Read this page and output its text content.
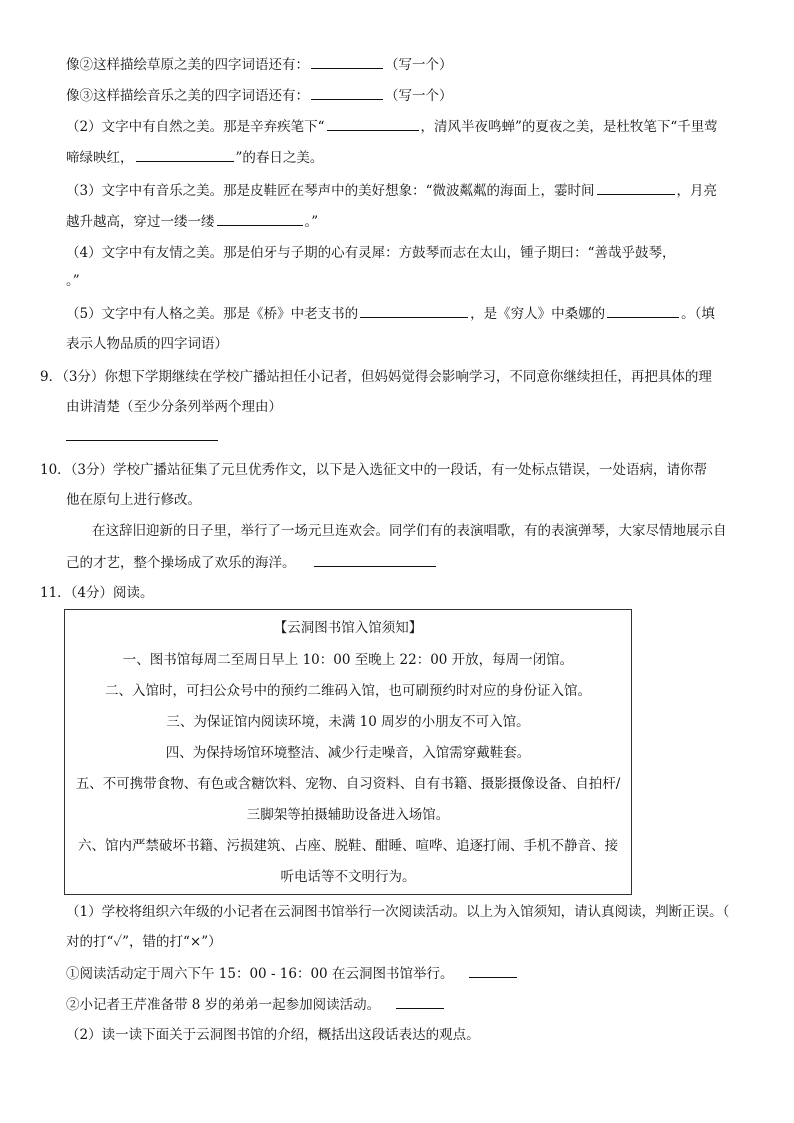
像②这样描绘草原之美的四字词语还有：	（写一个）
像③这样描绘音乐之美的四字词语还有：	（写一个）
（2）文字中有自然之美。那是辛弃疾笔下“	，清风半夜鸣蝉”的夏夜之美，是杜牧笔下“千里莺
啼绿映红，	”的春日之美。
（3）文字中有音乐之美。那是皮鞋匠在琴声中的美好想象：“微波粼粼的海面上，霎时间	，月亮
越升越高，穿过一缕一缕	。”
（4）文字中有友情之美。那是伯牙与子期的心有灵犀：方鼓琴而志在太山，锺子期曰：“善哉乎鼓琴，
。”
（5）文字中有人格之美。那是《桥》中老支书的	，是《穷人》中桑娜的	。（填
表示人物品质的四字词语）
9．（3分）你想下学期继续在学校广播站担任小记者，但妈妈觉得会影响学习，不同意你继续担任，再把具体的理
由讲清楚（至少分条列举两个理由）
10．（3分）学校广播站征集了元旦优秀作文，以下是入选征文中的一段话，有一处标点错误，一处语病，请你帮
他在原句上进行修改。
在这辞旧迎新的日子里，举行了一场元旦连欢会。同学们有的表演唱歌，有的表演弹琴，大家尽情地展示自
己的才艺，整个操场成了欢乐的海洋。
11．（4分）阅读。
【云洞图书馆入馆须知】
一、图书馆每周二至周日早上 10：00 至晚上 22：00 开放，每周一闭馆。
二、入馆时，可扫公众号中的预约二维码入馆，也可刷预约时对应的身份证入馆。
三、为保证馆内阅读环境，未满 10 周岁的小朋友不可入馆。
四、为保持场馆环境整洁、减少行走噪音，入馆需穿戴鞋套。
五、不可携带食物、有色或含糖饮料、宠物、自习资料、自有书籍、摄影摄像设备、自拍杆/
三脚架等拍摄辅助设备进入场馆。
六、馆内严禁破坏书籍、污损建筑、占座、脱鞋、酣睡、喧哗、追逐打闹、手机不静音、接
听电话等不文明行为。
（1）学校将组织六年级的小记者在云洞图书馆举行一次阅读活动。以上为入馆须知，请认真阅读，判断正误。（
对的打“✓”，错的打“×”）
①阅读活动定于周六下午 15：00 - 16：00 在云洞图书馆举行。
②小记者王芹准备带 8 岁的弟弟一起参加阅读活动。
（2）读一读下面关于云洞图书馆的介绍，概括出这段话表达的观点。
